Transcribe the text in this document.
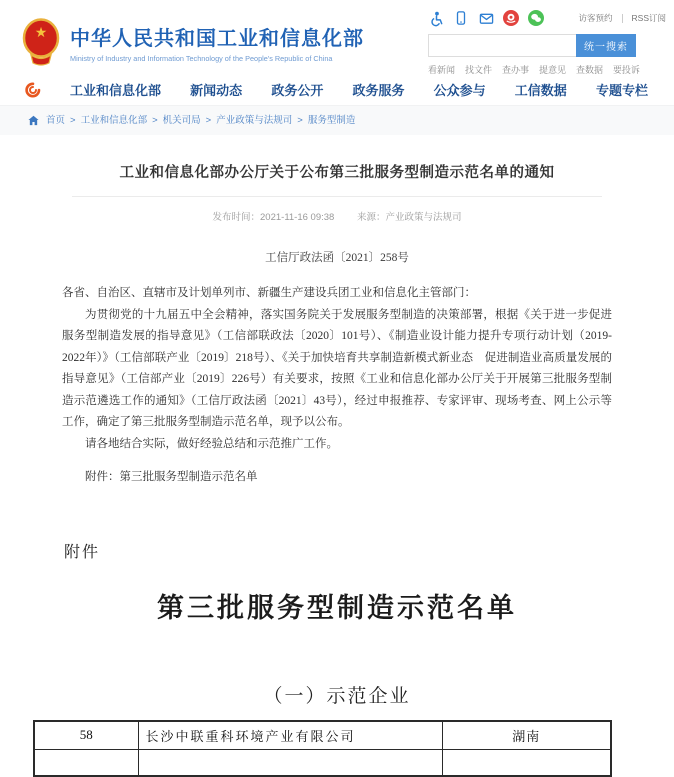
★ 中华人民共和国工业和信息化部
Ministry of Industry and Information Technology of the People's Republic of China
访客预约 RSS订阅
统一搜索
看新闻 找文件 查办事 提意见 查数据 要投诉
工业和信息化部 新闻动态 政务公开 政务服务 公众参与 工信数据 专题专栏
首页 > 工业和信息化部 > 机关司局 > 产业政策与法规司 > 服务型制造
工业和信息化部办公厅关于公布第三批服务型制造示范名单的通知
发布时间：2021-11-16 09:38 来源：产业政策与法规司
工信厅政法函〔2021〕258号

各省、自治区、直辖市及计划单列市、新疆生产建设兵团工业和信息化主管部门：

为贯彻党的十九届五中全会精神，落实国务院关于发展服务型制造的决策部署，根据《关于进一步促进服务型制造发展的指导意见》（工信部联政法〔2020〕101号）、《制造业设计能力提升专项行动计划（2019-2022年）》（工信部联产业〔2019〕218号）、《关于加快培育共享制造新模式新业态　促进制造业高质量发展的指导意见》（工信部产业〔2019〕226号）有关要求，按照《工业和信息化部办公厅关于开展第三批服务型制造示范遴选工作的通知》（工信厅政法函〔2021〕43号），经过申报推荐、专家评审、现场考查、网上公示等工作，确定了第三批服务型制造示范名单，现予以公布。

请各地结合实际，做好经验总结和示范推广工作。

附件：第三批服务型制造示范名单

附件
第三批服务型制造示范名单
（一）示范企业
58	长沙中联重科环境产业有限公司	湖南
